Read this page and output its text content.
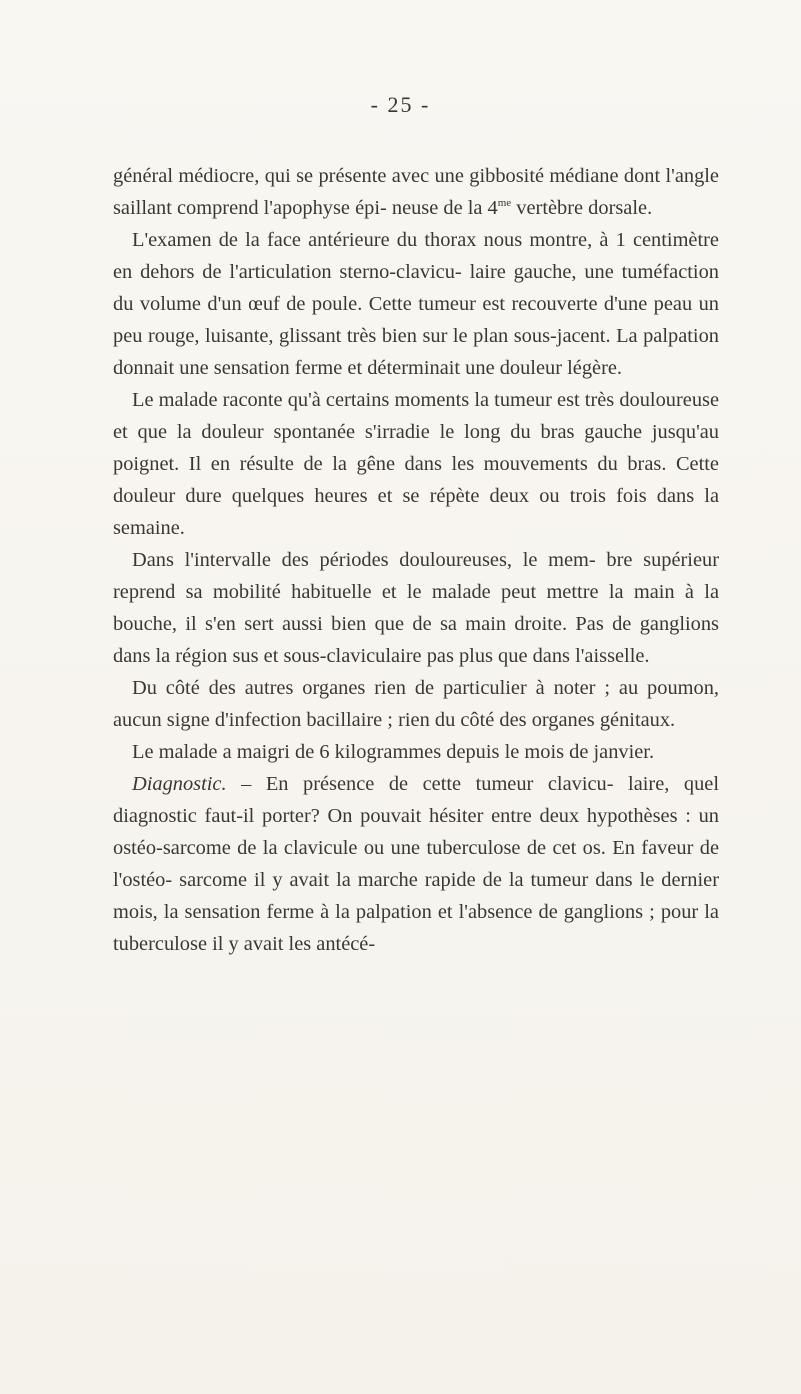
- 25 -

général médiocre, qui se présente avec une gibbosité médiane dont l'angle saillant comprend l'apophyse épi- neuse de la $4^{me}$ vertèbre dorsale.

L'examen de la face antérieure du thorax nous montre, à 1 centimètre en dehors de l'articulation sterno-clavicu- laire gauche, une tuméfaction du volume d'un œuf de poule. Cette tumeur est recouverte d'une peau un peu rouge, luisante, glissant très bien sur le plan sous-jacent. La palpation donnait une sensation ferme et déterminait une douleur légère.

Le malade raconte qu'à certains moments la tumeur est très douloureuse et que la douleur spontanée s'irradie le long du bras gauche jusqu'au poignet. Il en résulte de la gêne dans les mouvements du bras. Cette douleur dure quelques heures et se répète deux ou trois fois dans la semaine.

Dans l'intervalle des périodes douloureuses, le mem- bre supérieur reprend sa mobilité habituelle et le malade peut mettre la main à la bouche, il s'en sert aussi bien que de sa main droite. Pas de ganglions dans la région sus et sous-claviculaire pas plus que dans l'aisselle.

Du côté des autres organes rien de particulier à noter ; au poumon, aucun signe d'infection bacillaire ; rien du côté des organes génitaux.

Le malade a maigri de 6 kilogrammes depuis le mois de janvier.

Diagnostic. – En présence de cette tumeur clavicu- laire, quel diagnostic faut-il porter? On pouvait hésiter entre deux hypothèses : un ostéo-sarcome de la clavicule ou une tuberculose de cet os. En faveur de l'ostéo- sarcome il y avait la marche rapide de la tumeur dans le dernier mois, la sensation ferme à la palpation et l'absence de ganglions ; pour la tuberculose il y avait les antécé-
